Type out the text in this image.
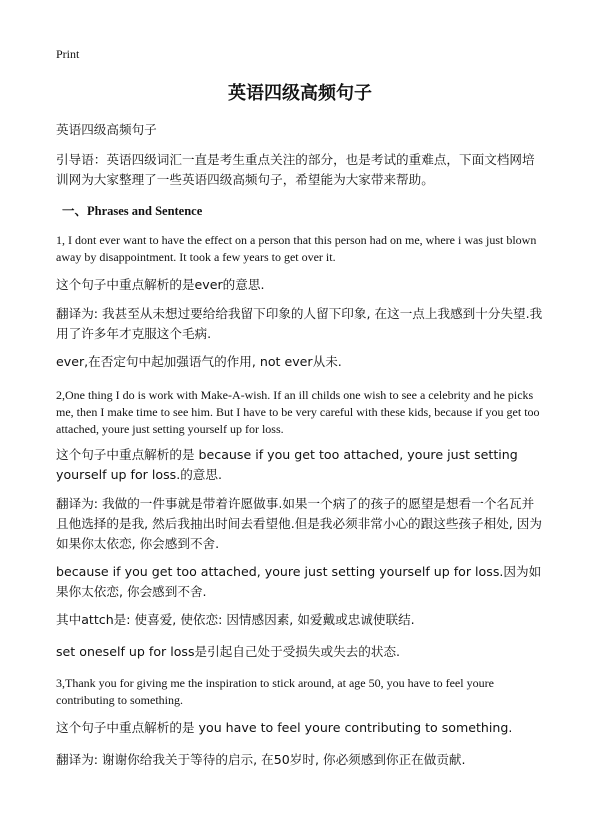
Print
英语四级高频句子
英语四级高频句子
引导语：英语四级词汇一直是考生重点关注的部分，也是考试的重难点，下面文档网培训网为大家整理了一些英语四级高频句子，希望能为大家带来帮助。
一、Phrases and Sentence
1, I dont ever want to have the effect on a person that this person had on me, where i was just blown away by disappointment. It took a few years to get over it.
这个句子中重点解析的是ever的意思.
翻译为: 我甚至从未想过要给给我留下印象的人留下印象, 在这一点上我感到十分失望.我用了许多年才克服这个毛病.
ever,在否定句中起加强语气的作用, not ever从未.
2,One thing I do is work with Make-A-wish. If an ill childs one wish to see a celebrity and he picks me, then I make time to see him. But I have to be very careful with these kids, because if you get too attached, youre just setting yourself up for loss.
这个句子中重点解析的是 because if you get too attached, youre just setting yourself up for loss.的意思.
翻译为: 我做的一件事就是带着许愿做事.如果一个病了的孩子的愿望是想看一个名瓦并且他选择的是我, 然后我抽出时间去看望他.但是我必须非常小心的跟这些孩子相处, 因为如果你太依恋, 你会感到不舍.
because if you get too attached, youre just setting yourself up for loss.因为如果你太依恋, 你会感到不舍.
其中attch是: 使喜爱, 使依恋: 因情感因素, 如爱戴或忠诚使联结.
set oneself up for loss是引起自己处于受损失或失去的状态.
3,Thank you for giving me the inspiration to stick around, at age 50, you have to feel youre contributing to something.
这个句子中重点解析的是 you have to feel youre contributing to something.
翻译为: 谢谢你给我关于等待的启示, 在50岁时, 你必须感到你正在做贡献.
